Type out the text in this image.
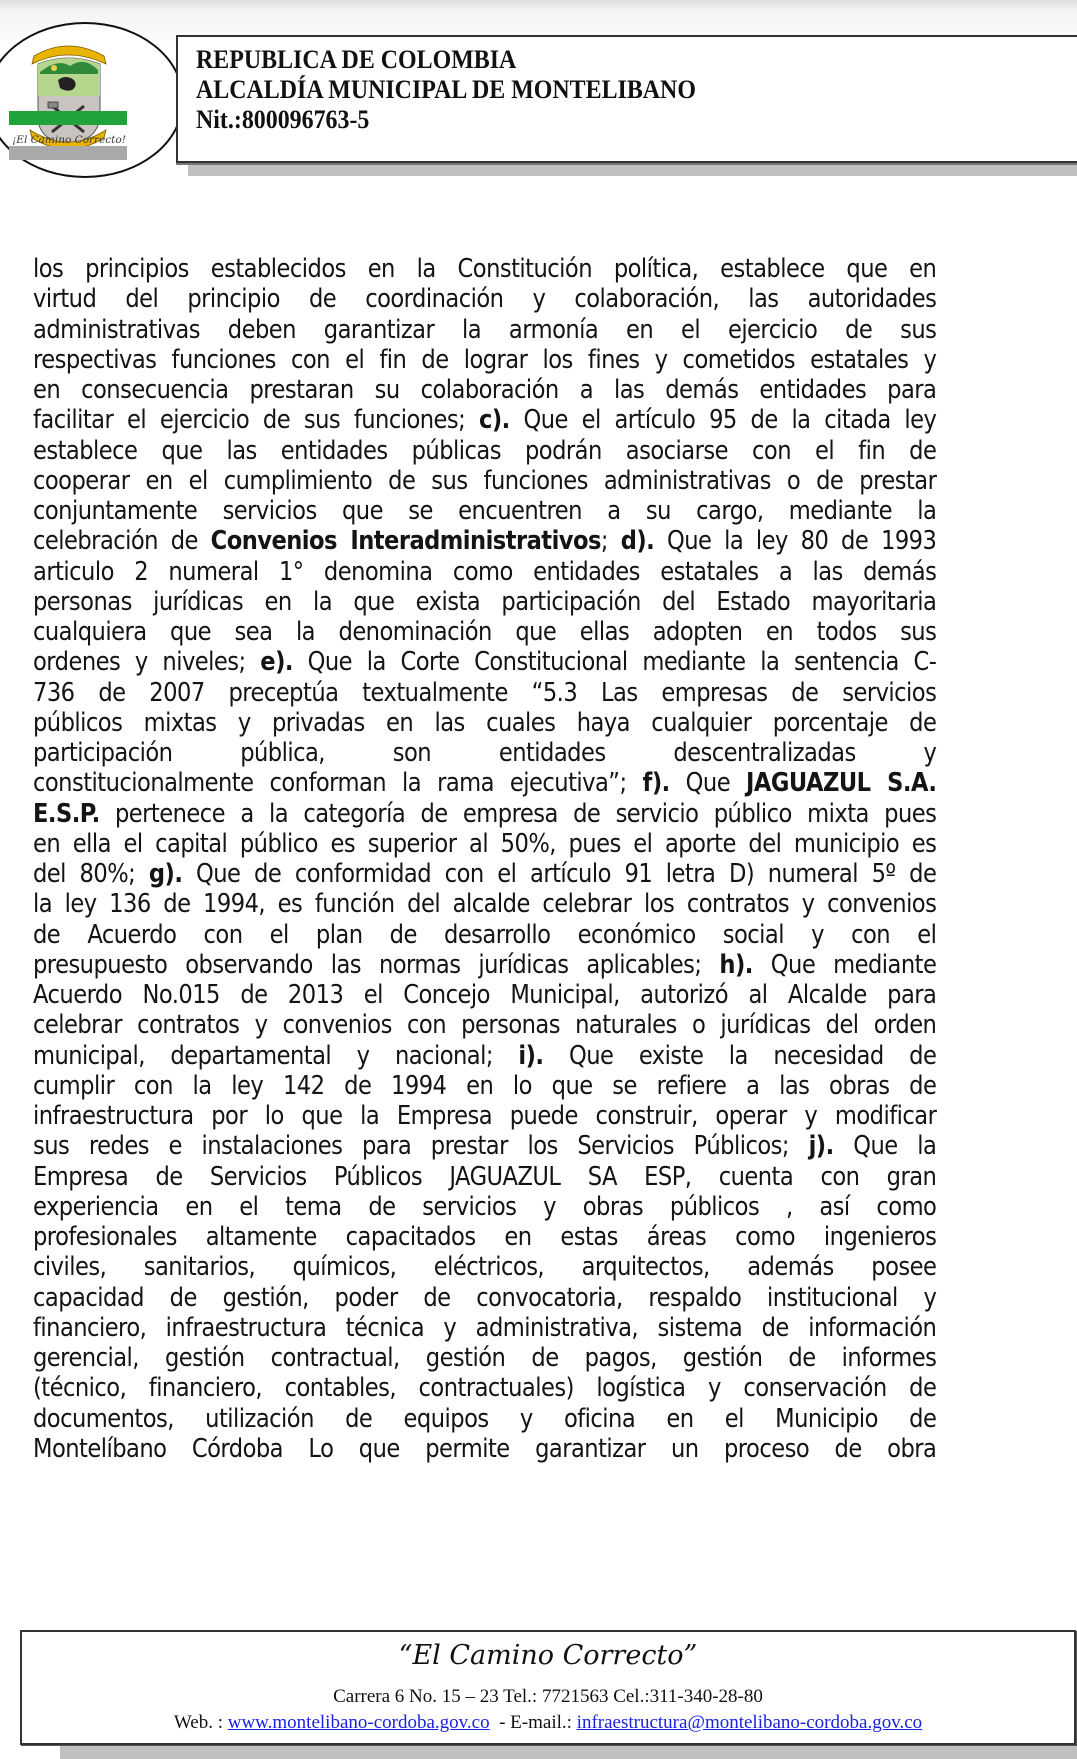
¡El Camino Correcto!
REPUBLICA DE COLOMBIA
ALCALDÍA MUNICIPAL DE MONTELIBANO
Nit.:800096763-5
los principios establecidos en la Constitución política, establece que en
virtud del principio de coordinación y colaboración, las autoridades
administrativas deben garantizar la armonía en el ejercicio de sus
respectivas funciones con el fin de lograr los fines y cometidos estatales y
en consecuencia prestaran su colaboración a las demás entidades para
facilitar el ejercicio de sus funciones; c). Que el artículo 95 de la citada ley
establece que las entidades públicas podrán asociarse con el fin de
cooperar en el cumplimiento de sus funciones administrativas o de prestar
conjuntamente servicios que se encuentren a su cargo, mediante la
celebración de Convenios Interadministrativos; d). Que la ley 80 de 1993
articulo 2 numeral 1° denomina como entidades estatales a las demás
personas jurídicas en la que exista participación del Estado mayoritaria
cualquiera que sea la denominación que ellas adopten en todos sus
ordenes y niveles; e). Que la Corte Constitucional mediante la sentencia C-
736 de 2007 preceptúa textualmente “5.3 Las empresas de servicios
públicos mixtas y privadas en las cuales haya cualquier porcentaje de
participación pública, son entidades descentralizadas y
constitucionalmente conforman la rama ejecutiva”; f). Que JAGUAZUL S.A.
E.S.P. pertenece a la categoría de empresa de servicio público mixta pues
en ella el capital público es superior al 50%, pues el aporte del municipio es
del 80%; g). Que de conformidad con el artículo 91 letra D) numeral 5º de
la ley 136 de 1994, es función del alcalde celebrar los contratos y convenios
de Acuerdo con el plan de desarrollo económico social y con el
presupuesto observando las normas jurídicas aplicables; h). Que mediante
Acuerdo No.015 de 2013 el Concejo Municipal, autorizó al Alcalde para
celebrar contratos y convenios con personas naturales o jurídicas del orden
municipal, departamental y nacional; i). Que existe la necesidad de
cumplir con la ley 142 de 1994 en lo que se refiere a las obras de
infraestructura por lo que la Empresa puede construir, operar y modificar
sus redes e instalaciones para prestar los Servicios Públicos; j). Que la
Empresa de Servicios Públicos JAGUAZUL SA ESP, cuenta con gran
experiencia en el tema de servicios y obras públicos , así como
profesionales altamente capacitados en estas áreas como ingenieros
civiles, sanitarios, químicos, eléctricos, arquitectos, además posee
capacidad de gestión, poder de convocatoria, respaldo institucional y
financiero, infraestructura técnica y administrativa, sistema de información
gerencial, gestión contractual, gestión de pagos, gestión de informes
(técnico, financiero, contables, contractuales) logística y conservación de
documentos, utilización de equipos y oficina en el Municipio de
Montelíbano Córdoba Lo que permite garantizar un proceso de obra
“El Camino Correcto”
Carrera 6 No. 15 – 23 Tel.: 7721563 Cel.:311-340-28-80
Web. : www.montelibano-cordoba.gov.co  - E-mail.: infraestructura@montelibano-cordoba.gov.co
